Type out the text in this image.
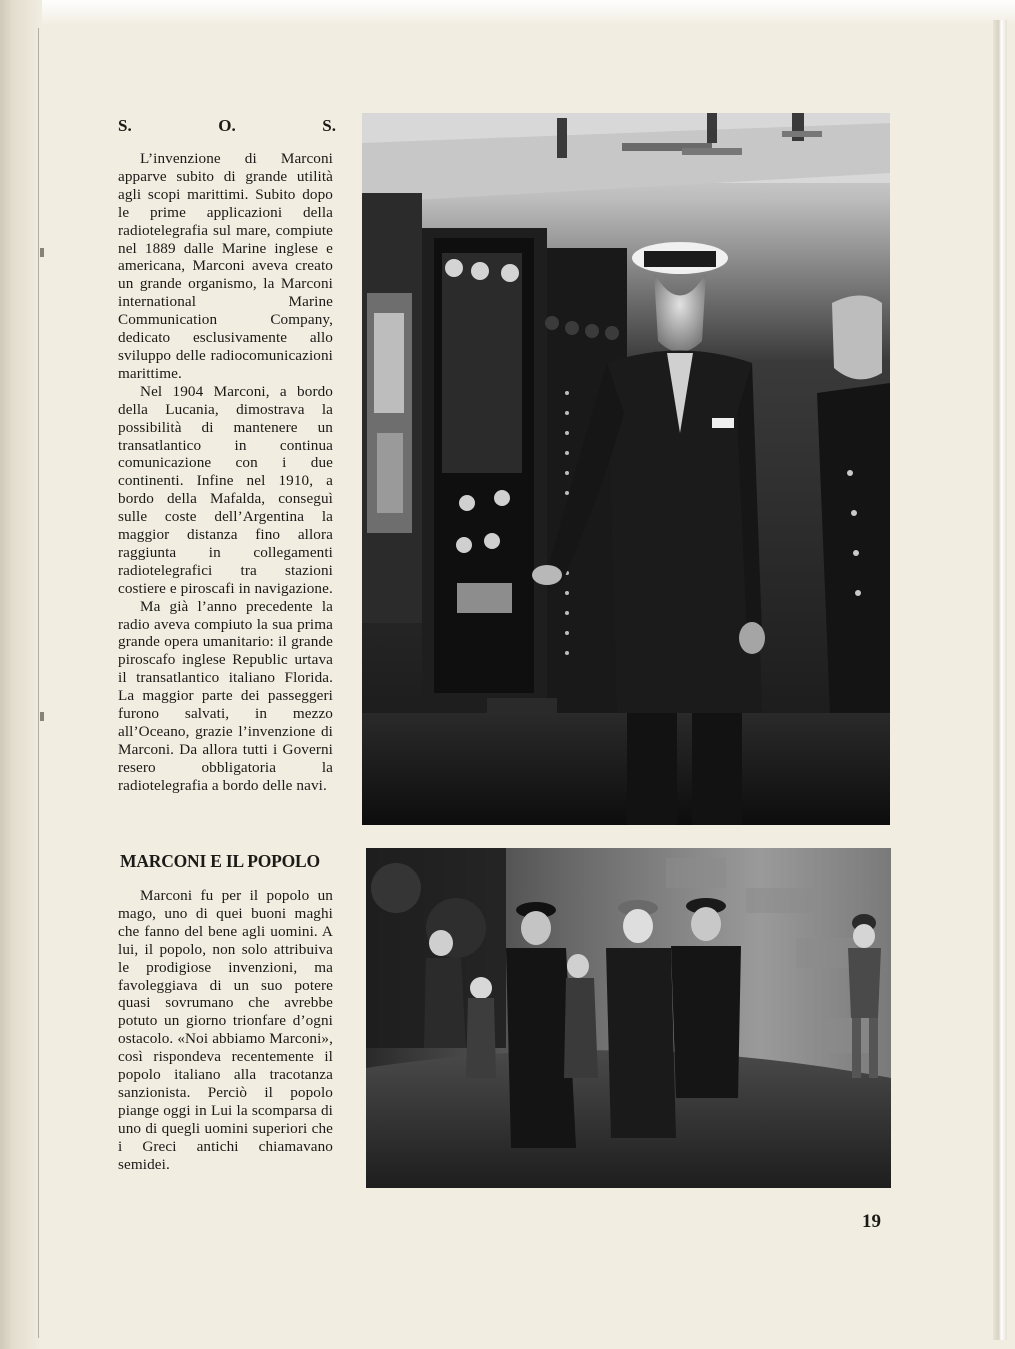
S.	O.	S.

L’invenzione di Marconi apparve subito di grande utilità agli scopi marittimi. Subito dopo le prime applicazioni della radiotelegrafia sul mare, compiute nel 1889 dalle Marine inglese e americana, Marconi aveva creato un grande organismo, la Marconi international Marine Communication Company, dedicato esclusivamente allo sviluppo delle radiocomunicazioni marittime.

Nel 1904 Marconi, a bordo della Lucania, dimostrava la possibilità di mantenere un transatlantico in continua comunicazione con i due continenti. Infine nel 1910, a bordo della Mafalda, conseguì sulle coste dell’Argentina la maggior distanza fino allora raggiunta in collegamenti radiotelegrafici tra stazioni costiere e piroscafi in navigazione.

Ma già l’anno precedente la radio aveva compiuto la sua prima grande opera umanitario: il grande piroscafo inglese Republic urtava il transatlantico italiano Florida. La maggior parte dei passeggeri furono salvati, in mezzo all’Oceano, grazie l’invenzione di Marconi. Da allora tutti i Governi resero obbligatoria la radiotelegrafia a bordo delle navi.

MARCONI E IL POPOLO

Marconi fu per il popolo un mago, uno di quei buoni maghi che fanno del bene agli uomini. A lui, il popolo, non solo attribuiva le prodigiose invenzioni, ma favoleggiava di un suo potere quasi sovrumano che avrebbe potuto un giorno trionfare d’ogni ostacolo. «Noi abbiamo Marconi», così rispondeva recentemente il popolo italiano alla tracotanza sanzionista. Perciò il popolo piange oggi in Lui la scomparsa di uno di quegli uomini superiori che i Greci antichi chiamavano semidei.

19
